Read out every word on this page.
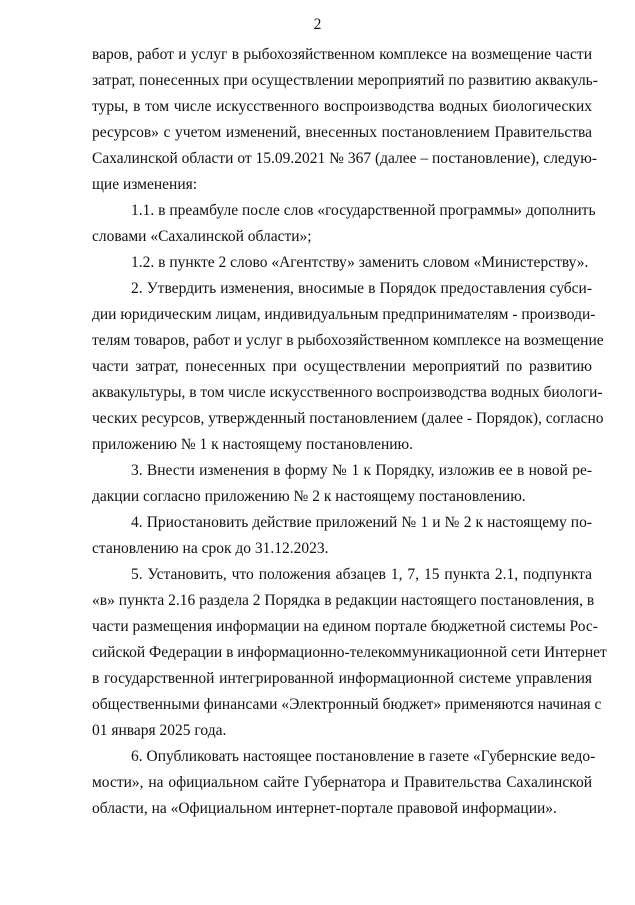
2
варов, работ и услуг в рыбохозяйственном комплексе на возмещение части
затрат, понесенных при осуществлении мероприятий по развитию аквакуль-
туры, в том числе искусственного воспроизводства водных биологических
ресурсов» с учетом изменений, внесенных постановлением Правительства
Сахалинской области от 15.09.2021 № 367 (далее – постановление), следую-
щие изменения:
1.1. в преамбуле после слов «государственной программы» дополнить
словами «Сахалинской области»;
1.2. в пункте 2 слово «Агентству» заменить словом «Министерству».
2. Утвердить изменения, вносимые в Порядок предоставления субси-
дии юридическим лицам, индивидуальным предпринимателям - производи-
телям товаров, работ и услуг в рыбохозяйственном комплексе на возмещение
части затрат, понесенных при осуществлении мероприятий по развитию
аквакультуры, в том числе искусственного воспроизводства водных биологи-
ческих ресурсов, утвержденный постановлением (далее - Порядок), согласно
приложению № 1 к настоящему постановлению.
3. Внести изменения в форму № 1 к Порядку, изложив ее в новой ре-
дакции согласно приложению № 2 к настоящему постановлению.
4. Приостановить действие приложений № 1 и № 2 к настоящему по-
становлению на срок до 31.12.2023.
5. Установить, что положения абзацев 1, 7, 15 пункта 2.1, подпункта
«в» пункта 2.16 раздела 2 Порядка в редакции настоящего постановления, в
части размещения информации на едином портале бюджетной системы Рос-
сийской Федерации в информационно-телекоммуникационной сети Интернет
в государственной интегрированной информационной системе управления
общественными финансами «Электронный бюджет» применяются начиная с
01 января 2025 года.
6. Опубликовать настоящее постановление в газете «Губернские ведо-
мости», на официальном сайте Губернатора и Правительства Сахалинской
области, на «Официальном интернет-портале правовой информации».
